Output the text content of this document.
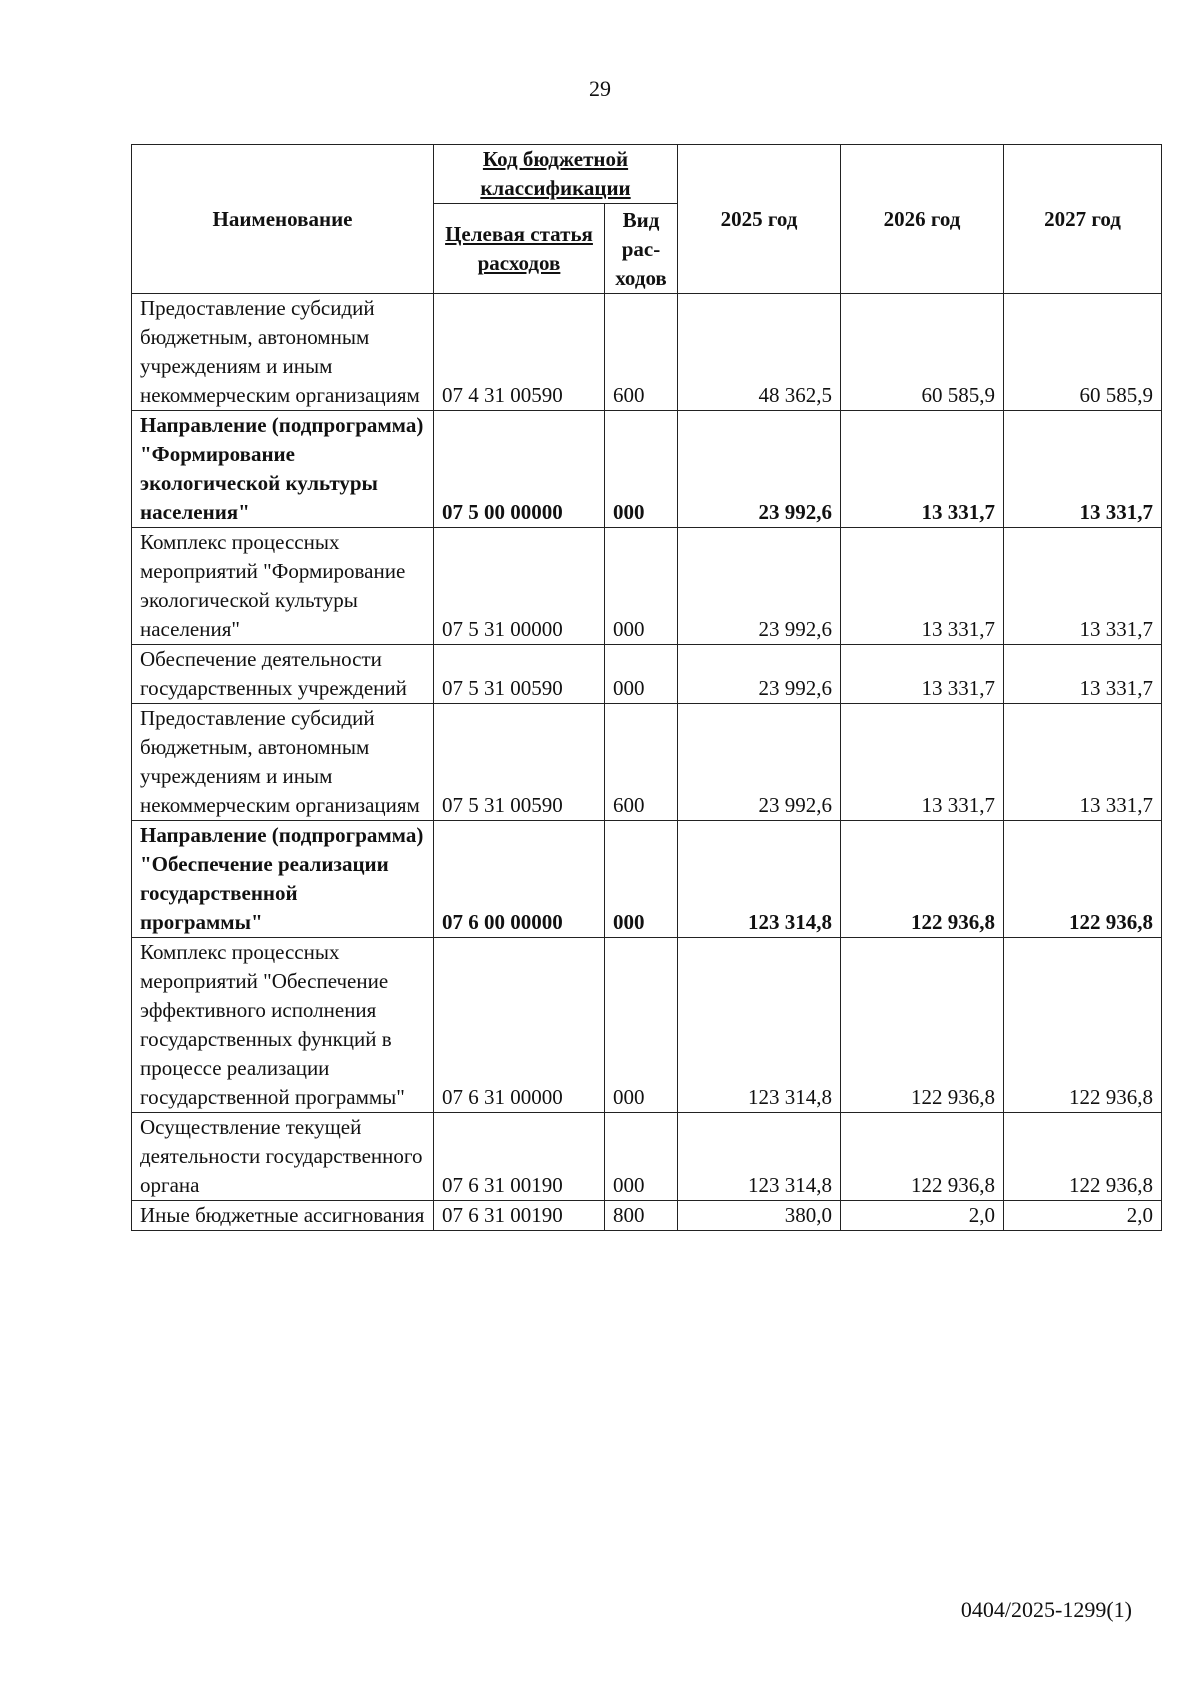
29
Наименование	Код бюджетной классификации		2025 год	2026 год	2027 год
	Целевая статья расходов	Вид рас-ходов			
Предоставление субсидий бюджетным, автономным учреждениям и иным некоммерческим организациям	07 4 31 00590	600	48 362,5	60 585,9	60 585,9
Направление (подпрограмма) "Формирование экологической культуры населения"	07 5 00 00000	000	23 992,6	13 331,7	13 331,7
Комплекс процессных мероприятий "Формирование экологической культуры населения"	07 5 31 00000	000	23 992,6	13 331,7	13 331,7
Обеспечение деятельности государственных учреждений	07 5 31 00590	000	23 992,6	13 331,7	13 331,7
Предоставление субсидий бюджетным, автономным учреждениям и иным некоммерческим организациям	07 5 31 00590	600	23 992,6	13 331,7	13 331,7
Направление (подпрограмма) "Обеспечение реализации государственной программы"	07 6 00 00000	000	123 314,8	122 936,8	122 936,8
Комплекс процессных мероприятий "Обеспечение эффективного исполнения государственных функций в процессе реализации государственной программы"	07 6 31 00000	000	123 314,8	122 936,8	122 936,8
Осуществление текущей деятельности государственного органа	07 6 31 00190	000	123 314,8	122 936,8	122 936,8
Иные бюджетные ассигнования	07 6 31 00190	800	380,0	2,0	2,0
0404/2025-1299(1)
